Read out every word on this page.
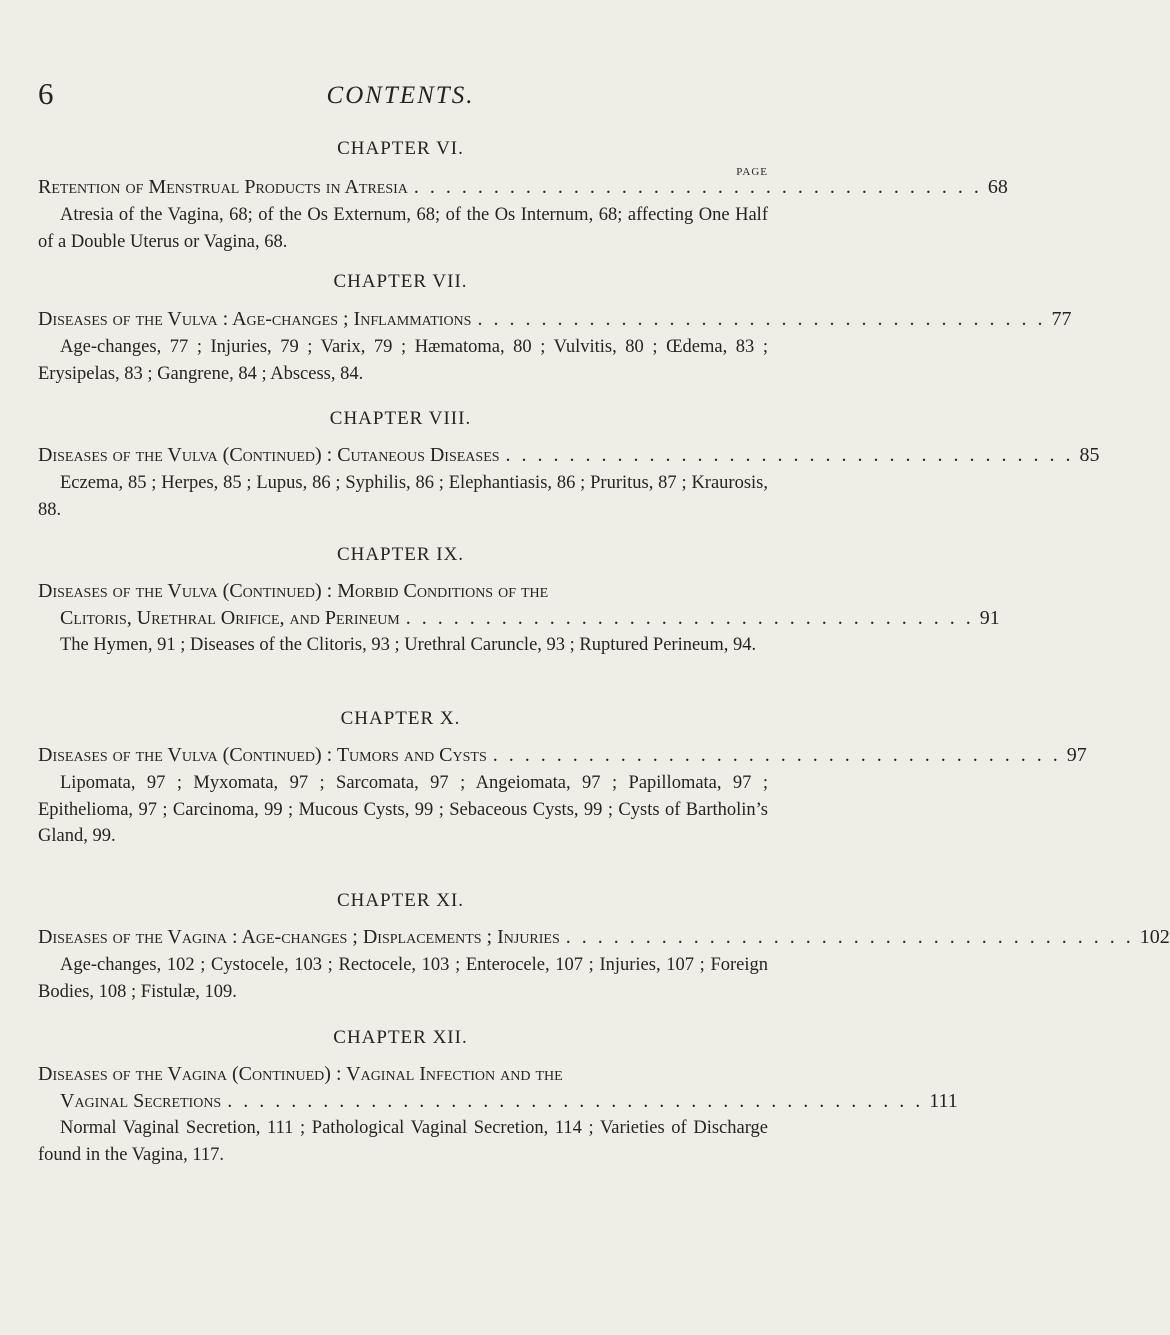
6	CONTENTS.
CHAPTER VI.
PAGE
Retention of Menstrual Products in Atresia . . . . . . . . . . . . . . . . . . . . . . . . . . . . . . . . . . . . 68
Atresia of the Vagina, 68; of the Os Externum, 68; of the Os Internum, 68; affecting One Half of a Double Uterus or Vagina, 68.
CHAPTER VII.
Diseases of the Vulva : Age-changes ; Inflammations . . . . . . . . . . . . . . . . . . . . . . . . . . . . . . . . . . . . 77
Age-changes, 77 ; Injuries, 79 ; Varix, 79 ; Hæmatoma, 80 ; Vulvitis, 80 ; Œdema, 83 ; Erysipelas, 83 ; Gangrene, 84 ; Abscess, 84.
CHAPTER VIII.
Diseases of the Vulva (Continued) : Cutaneous Diseases . . . . . . . . . . . . . . . . . . . . . . . . . . . . . . . . . . . . 85
Eczema, 85 ; Herpes, 85 ; Lupus, 86 ; Syphilis, 86 ; Elephantiasis, 86 ; Pruritus, 87 ; Kraurosis, 88.
CHAPTER IX.
Diseases of the Vulva (Continued) : Morbid Conditions of the
Clitoris, Urethral Orifice, and Perineum . . . . . . . . . . . . . . . . . . . . . . . . . . . . . . . . . . . . 91
The Hymen, 91 ; Diseases of the Clitoris, 93 ; Urethral Caruncle, 93 ; Ruptured Perineum, 94.
CHAPTER X.
Diseases of the Vulva (Continued) : Tumors and Cysts . . . . . . . . . . . . . . . . . . . . . . . . . . . . . . . . . . . . 97
Lipomata, 97 ; Myxomata, 97 ; Sarcomata, 97 ; Angeiomata, 97 ; Papillomata, 97 ; Epithelioma, 97 ; Carcinoma, 99 ; Mucous Cysts, 99 ; Sebaceous Cysts, 99 ; Cysts of Bartholin’s Gland, 99.
CHAPTER XI.
Diseases of the Vagina : Age-changes ; Displacements ; Injuries . . . . . . . . . . . . . . . . . . . . . . . . . . . . . . . . . . . . 102
Age-changes, 102 ; Cystocele, 103 ; Rectocele, 103 ; Enterocele, 107 ; Injuries, 107 ; Foreign Bodies, 108 ; Fistulæ, 109.
CHAPTER XII.
Diseases of the Vagina (Continued) : Vaginal Infection and the
Vaginal Secretions . . . . . . . . . . . . . . . . . . . . . . . . . . . . . . . . . . . . . . . . . . . . 111
Normal Vaginal Secretion, 111 ; Pathological Vaginal Secretion, 114 ; Varieties of Discharge found in the Vagina, 117.
